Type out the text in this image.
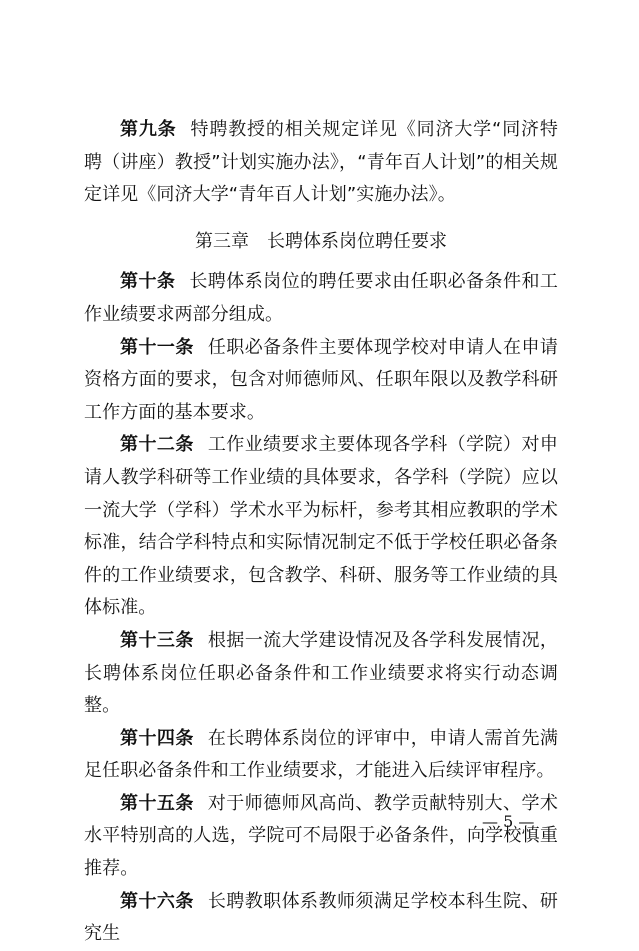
第九条 特聘教授的相关规定详见《同济大学“同济特聘（讲座）教授”计划实施办法》，“青年百人计划”的相关规定详见《同济大学“青年百人计划”实施办法》。

第三章 长聘体系岗位聘任要求

第十条 长聘体系岗位的聘任要求由任职必备条件和工作业绩要求两部分组成。

第十一条 任职必备条件主要体现学校对申请人在申请资格方面的要求，包含对师德师风、任职年限以及教学科研工作方面的基本要求。

第十二条 工作业绩要求主要体现各学科（学院）对申请人教学科研等工作业绩的具体要求，各学科（学院）应以一流大学（学科）学术水平为标杆，参考其相应教职的学术标准，结合学科特点和实际情况制定不低于学校任职必备条件的工作业绩要求，包含教学、科研、服务等工作业绩的具体标准。

第十三条 根据一流大学建设情况及各学科发展情况，长聘体系岗位任职必备条件和工作业绩要求将实行动态调整。

第十四条 在长聘体系岗位的评审中，申请人需首先满足任职必备条件和工作业绩要求，才能进入后续评审程序。

第十五条 对于师德师风高尚、教学贡献特别大、学术水平特别高的人选，学院可不局限于必备条件，向学校慎重推荐。

第十六条 长聘教职体系教师须满足学校本科生院、研究生

— 5 —
